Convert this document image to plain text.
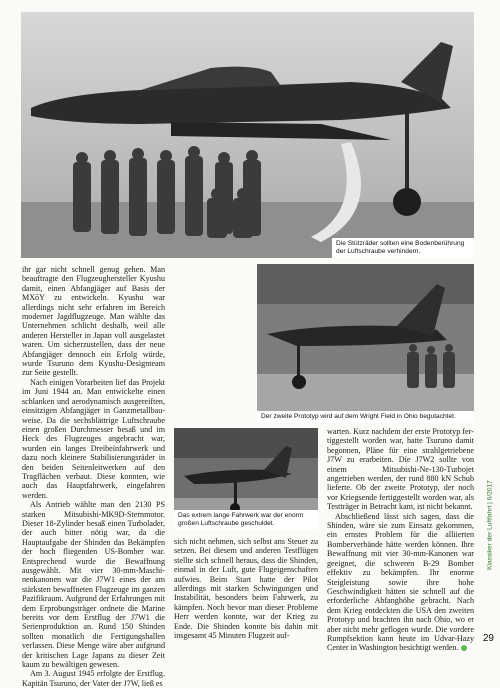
Die Stützräder sollten eine Bodenberührung der Luftschraube verhindern.
Der zweite Prototyp wird auf dem Wright Field in Ohio begutachtet.
Das extrem lange Fahrwerk war der enorm großen Luftschraube geschuldet.

ihr gar nicht schnell genug gehen. Man beauftragte den Flugzeughersteller Kyushu damit, einen Abfangjäger auf Basis der MXōY zu entwickeln. Kyushu war allerdings nicht sehr erfahren im Bereich moderner Jagdflugzeuge. Man wählte das Unternehmen schlicht deshalb, weil alle anderen Hersteller in Japan voll ausgelastet waren. Um sicherzustellen, dass der neue Abfangjäger dennoch ein Erfolg würde, wurde Tsuruno dem Kyushu-Designteam zur Seite gestellt.

Nach einigen Vorarbeiten lief das Projekt im Juni 1944 an. Man entwickelte einen schlanken und aerodynamisch ausgereiften, einsitzigen Abfangjäger in Ganzmetallbauweise. Da die sechsblättrige Luftschraube einen großen Durchmesser besaß und im Heck des Flugzeuges angebracht war, wurden ein langes Dreibeinfahrwerk und dazu noch kleinere Stabilisierungsräder in den beiden Seitenleitwerken auf den Tragflächen verbaut. Diese konnten, wie auch das Hauptfahrwerk, eingefahren werden.

Als Antrieb wählte man den 2130 PS starken Mitsubishi-MK9D-Sternmotor. Dieser 18-Zylinder besaß einen Turbolader, der auch bitter nötig war, da die Hauptaufgabe der Shinden das Bekämpfen der hoch fliegenden US-Bomber war. Entsprechend wurde die Bewaffnung ausgewählt. Mit vier 30-mm-Maschinenkanonen war die J7W1 eines der am stärksten bewaffneten Flugzeuge im ganzen Pazifikraum. Aufgrund der Erfahrungen mit dem Erprobungsträger ordnete die Marine bereits vor dem Erstflug der J7W1 die Serienproduktion an. Rund 150 Shinden sollten monatlich die Fertigungshallen verlassen. Diese Menge wäre aber aufgrund der kritischen Lage Japans zu dieser Zeit kaum zu bewältigen gewesen.

Am 3. August 1945 erfolgte der Erstflug. Kapitän Tsuruno, der Vater der J7W, ließ es

sich nicht nehmen, sich selbst ans Steuer zu setzen. Bei diesem und anderen Testflügen stellte sich schnell heraus, dass die Shinden, einmal in der Luft, gute Flugeigenschaften aufwies. Beim Start hatte der Pilot allerdings mit starken Schwingungen und Instabilität, besonders beim Fahrwerk, zu kämpfen. Noch bevor man dieser Probleme Herr werden konnte, war der Krieg zu Ende. Die Shinden konnte bis dahin mit insgesamt 45 Minuten Flugzeit auf-

warten. Kurz nachdem der erste Prototyp fertiggestellt worden war, hatte Tsuruno damit begonnen, Pläne für eine strahlgetriebene J7W zu erarbeiten. Die J7W2 sollte von einem Mitsubishi-Ne-130-Turbojet angetrieben werden, der rund 880 kN Schub lieferte. Ob der zweite Prototyp, der noch vor Kriegsende fertiggestellt worden war, als Testträger in Betracht kam, ist nicht bekannt.

Abschließend lässt sich sagen, dass die Shinden, wäre sie zum Einsatz gekommen, ein ernstes Problem für die alliierten Bomberverbände hätte werden können. Ihre Bewaffnung mit vier 30-mm-Kanonen war geeignet, die schweren B-29 Bomber effektiv zu bekämpfen. Ihr enorme Steigleistung sowie ihre hohe Geschwindigkeit hätten sie schnell auf die erforderliche Abfanghöhe gebracht. Nach dem Krieg entdeckten die USA den zweiten Prototyp und brachten ihn nach Ohio, wo er aber nicht mehr geflogen wurde. Die vordere Rumpfsektion kann heute im Udvar-Hazy Center in Washington besichtigt werden.

Klassiker der Luftfahrt | 6/2017
29
